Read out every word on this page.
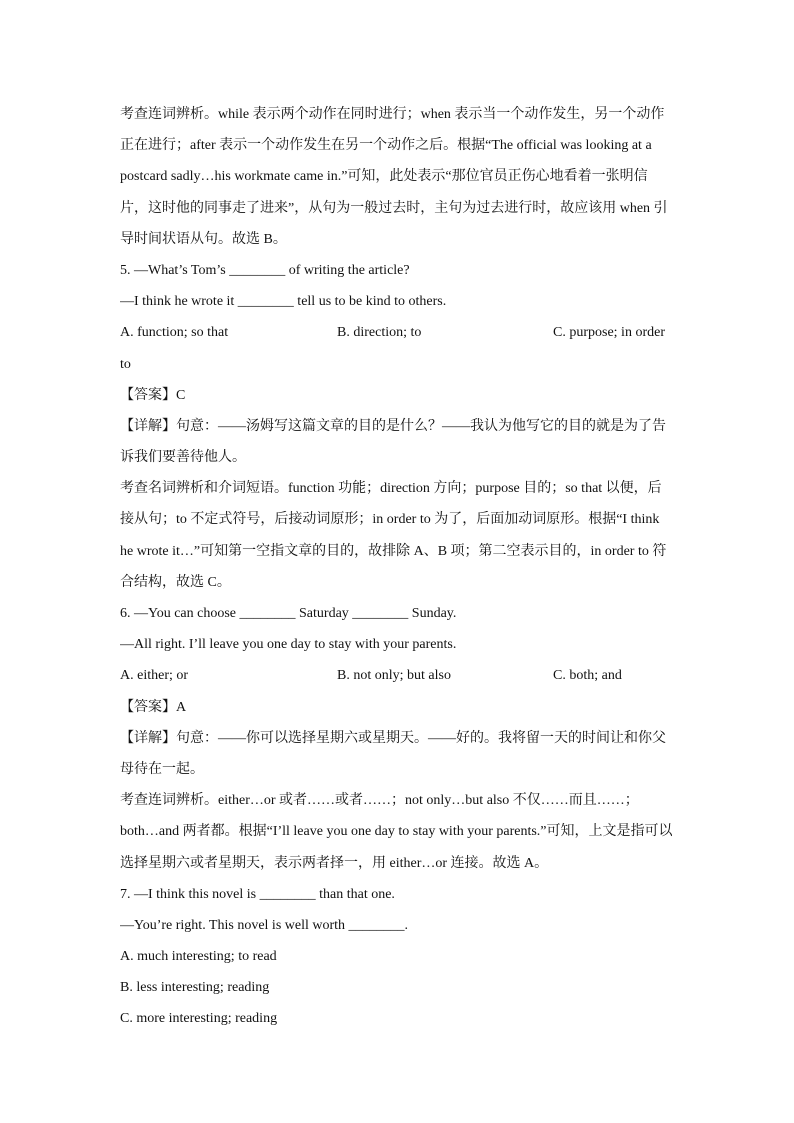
考查连词辨析。while 表示两个动作在同时进行；when 表示当一个动作发生，另一个动作
正在进行；after 表示一个动作发生在另一个动作之后。根据“The official was looking at a
postcard sadly…his workmate came in.”可知，此处表示“那位官员正伤心地看着一张明信
片，这时他的同事走了进来”，从句为一般过去时，主句为过去进行时，故应该用 when 引
导时间状语从句。故选 B。
5. —What’s Tom’s ________ of writing the article?
—I think he wrote it ________ tell us to be kind to others.
A. function; so that	B. direction; to	C. purpose; in order
to
【答案】C
【详解】句意：——汤姆写这篇文章的目的是什么？——我认为他写它的目的就是为了告
诉我们要善待他人。
考查名词辨析和介词短语。function 功能；direction 方向；purpose 目的；so that 以便，后
接从句；to 不定式符号，后接动词原形；in order to 为了，后面加动词原形。根据“I think
he wrote it…”可知第一空指文章的目的，故排除 A、B 项；第二空表示目的，in order to 符
合结构，故选 C。
6. —You can choose ________ Saturday ________ Sunday.
—All right. I’ll leave you one day to stay with your parents.
A. either; or	B. not only; but also	C. both; and
【答案】A
【详解】句意：——你可以选择星期六或星期天。——好的。我将留一天的时间让和你父
母待在一起。
考查连词辨析。either…or 或者……或者……；not only…but also 不仅……而且……；
both…and 两者都。根据“I’ll leave you one day to stay with your parents.”可知，上文是指可以
选择星期六或者星期天，表示两者择一，用 either…or 连接。故选 A。
7. —I think this novel is ________ than that one.
—You’re right. This novel is well worth ________.
A. much interesting; to read
B. less interesting; reading
C. more interesting; reading
